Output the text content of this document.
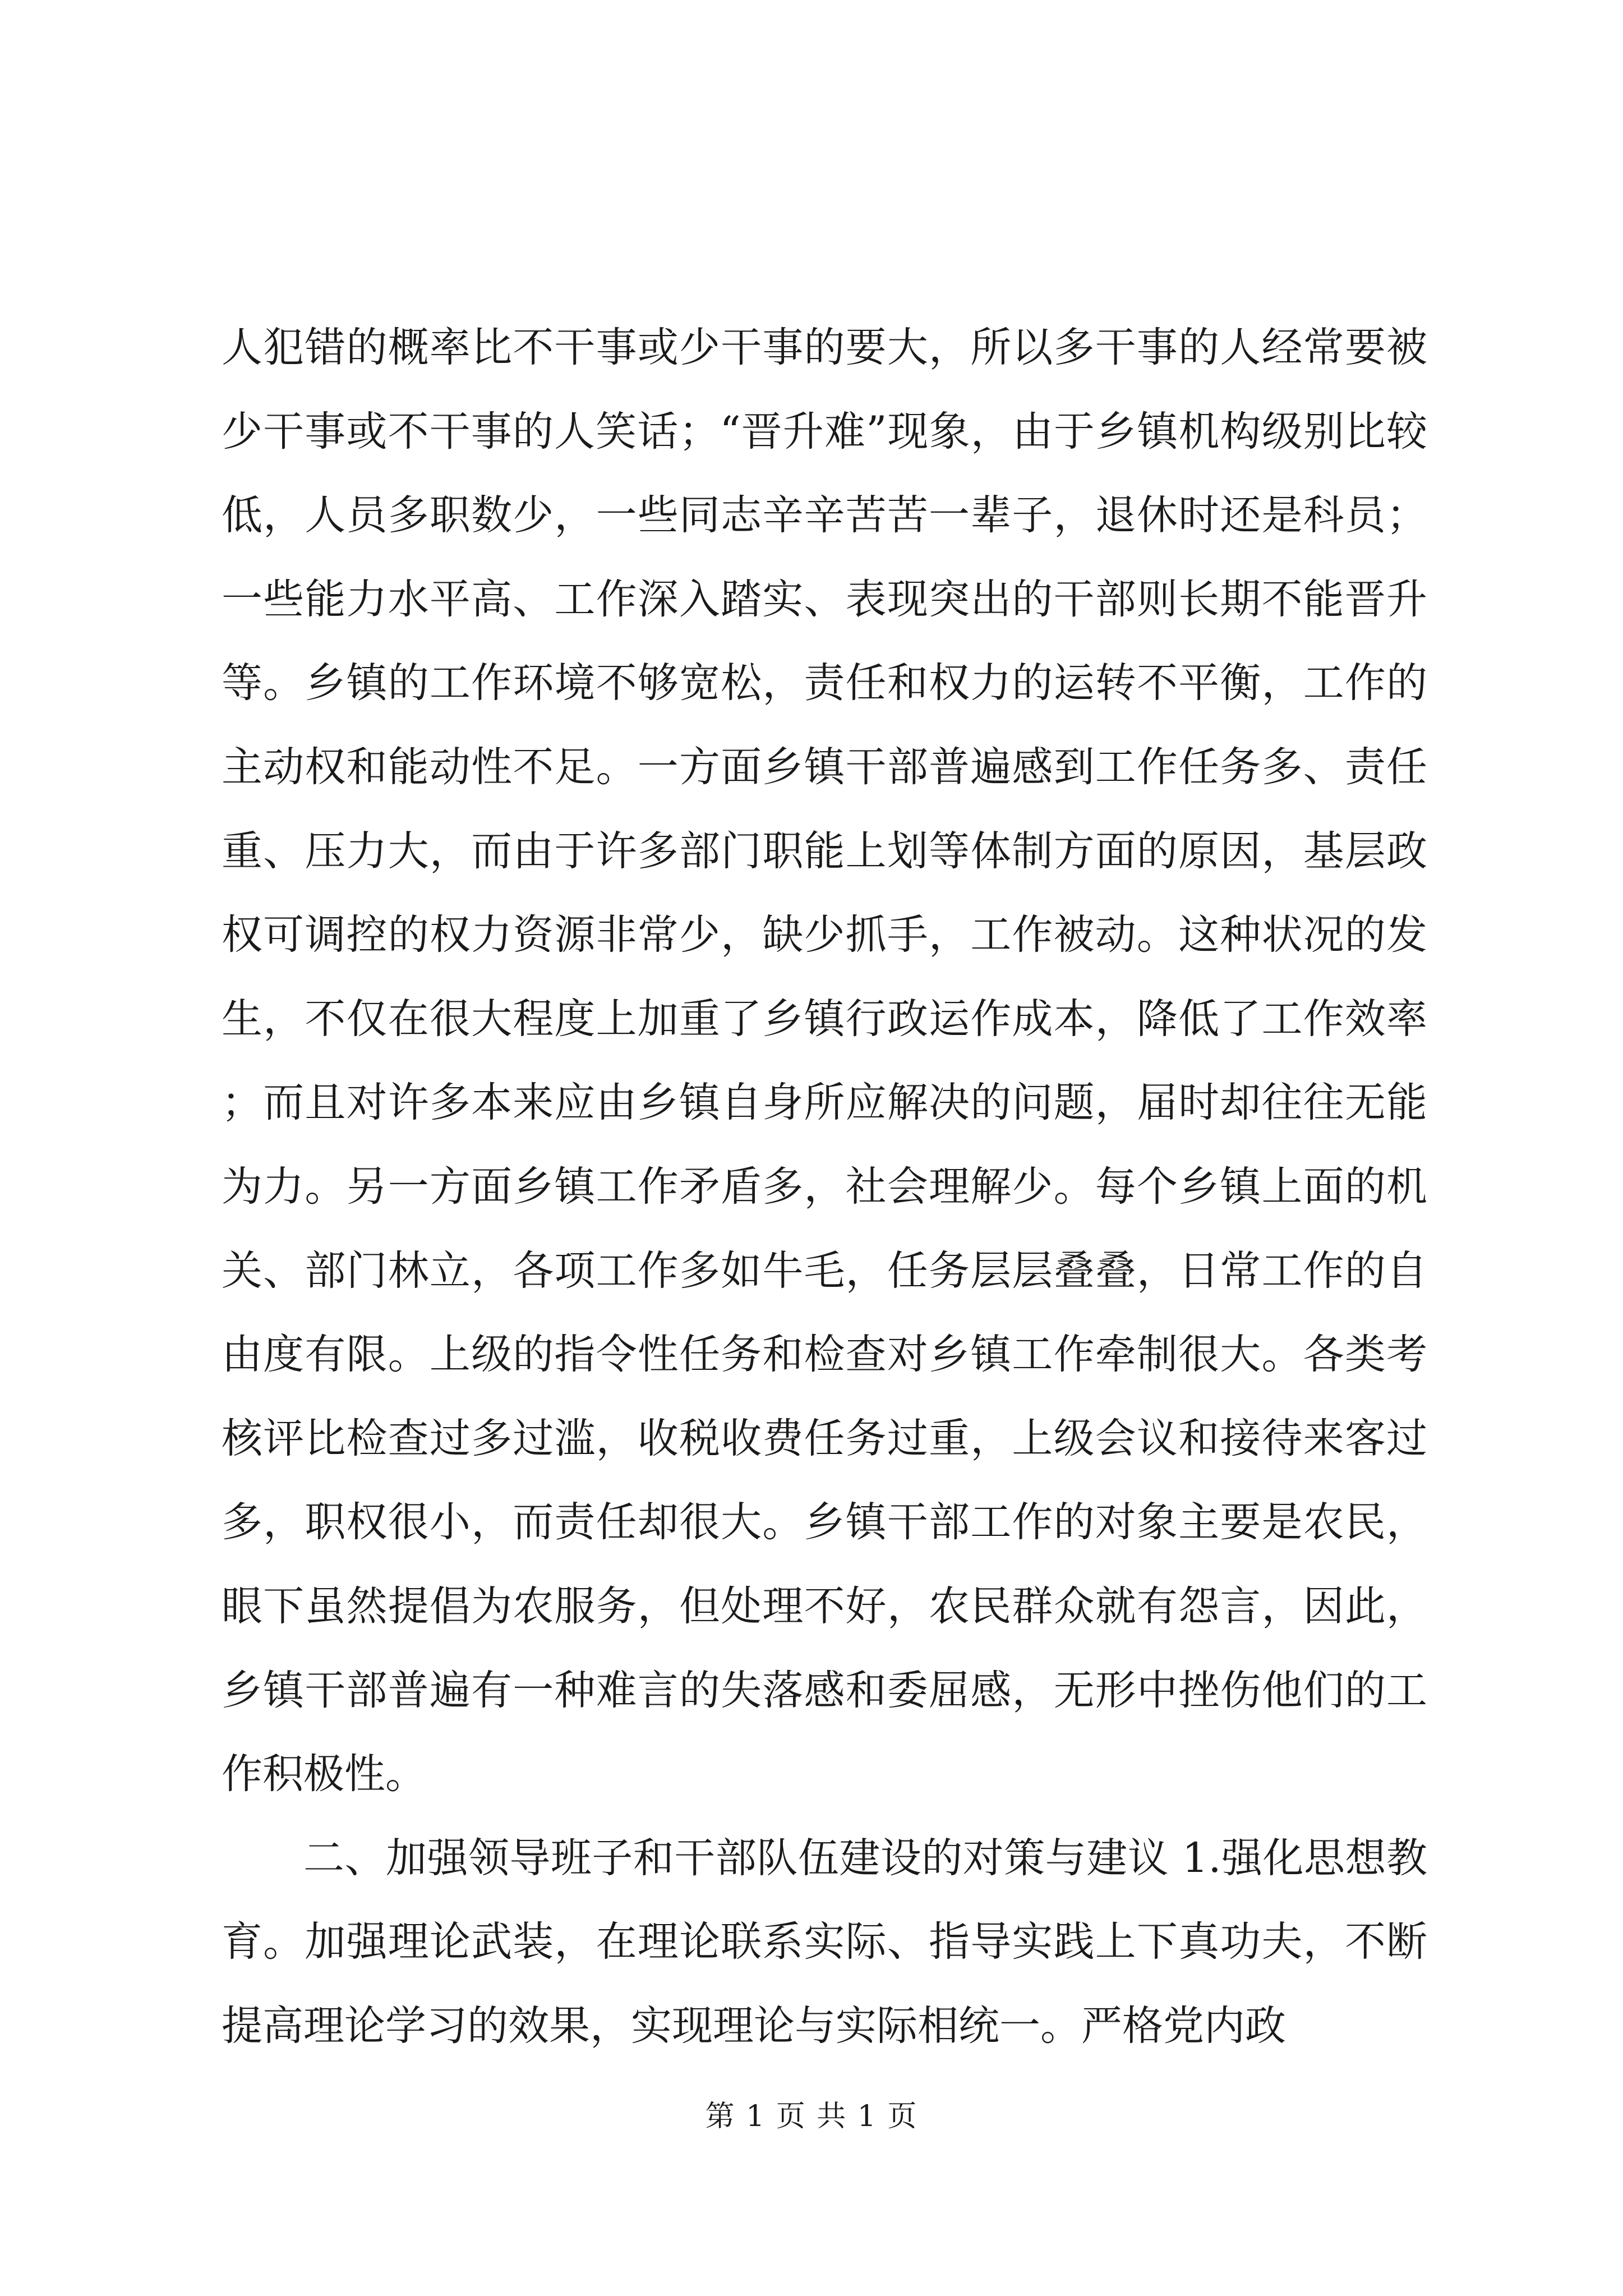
人犯错的概率比不干事或少干事的要大，所以多干事的人经常要被少干事或不干事的人笑话；“晋升难”现象，由于乡镇机构级别比较低，人员多职数少，一些同志辛辛苦苦一辈子，退休时还是科员；一些能力水平高、工作深入踏实、表现突出的干部则长期不能晋升等。乡镇的工作环境不够宽松，责任和权力的运转不平衡，工作的主动权和能动性不足。一方面乡镇干部普遍感到工作任务多、责任重、压力大，而由于许多部门职能上划等体制方面的原因，基层政权可调控的权力资源非常少，缺少抓手，工作被动。这种状况的发生，不仅在很大程度上加重了乡镇行政运作成本，降低了工作效率；而且对许多本来应由乡镇自身所应解决的问题，届时却往往无能为力。另一方面乡镇工作矛盾多，社会理解少。每个乡镇上面的机关、部门林立，各项工作多如牛毛，任务层层叠叠，日常工作的自由度有限。上级的指令性任务和检查对乡镇工作牵制很大。各类考核评比检查过多过滥，收税收费任务过重，上级会议和接待来客过多，职权很小，而责任却很大。乡镇干部工作的对象主要是农民，眼下虽然提倡为农服务，但处理不好，农民群众就有怨言，因此，乡镇干部普遍有一种难言的失落感和委屈感，无形中挫伤他们的工作积极性。

二、加强领导班子和干部队伍建设的对策与建议 1.强化思想教育。加强理论武装，在理论联系实际、指导实践上下真功夫，不断提高理论学习的效果，实现理论与实际相统一。严格党内政

第 1 页 共 1 页
